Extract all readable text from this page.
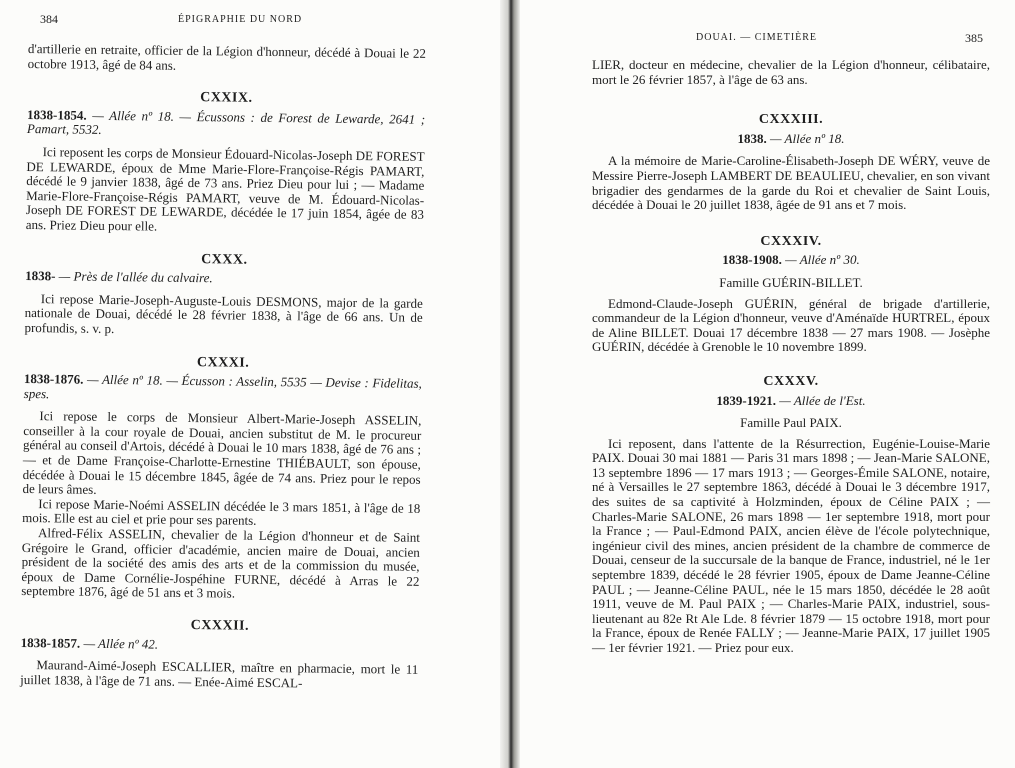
384	ÉPIGRAPHIE DU NORD

d'artillerie en retraite, officier de la Légion d'honneur, décédé à Douai le 22 octobre 1913, âgé de 84 ans.

CXXIX.

1838-1854. — Allée nº 18. — Écussons : de Forest de Lewarde, 2641 ; Pamart, 5532.

Ici reposent les corps de Monsieur Édouard-Nicolas-Joseph DE FOREST DE LEWARDE, époux de Mme Marie-Flore-Françoise-Régis PAMART, décédé le 9 janvier 1838, âgé de 73 ans. Priez Dieu pour lui ; — Madame Marie-Flore-Françoise-Régis PAMART, veuve de M. Édouard-Nicolas-Joseph DE FOREST DE LEWARDE, décédée le 17 juin 1854, âgée de 83 ans. Priez Dieu pour elle.

CXXX.

1838- — Près de l'allée du calvaire.

Ici repose Marie-Joseph-Auguste-Louis DESMONS, major de la garde nationale de Douai, décédé le 28 février 1838, à l'âge de 66 ans. Un de profundis, s. v. p.

CXXXI.

1838-1876. — Allée nº 18. — Écusson : Asselin, 5535 — Devise : Fidelitas, spes.

Ici repose le corps de Monsieur Albert-Marie-Joseph ASSELIN, conseiller à la cour royale de Douai, ancien substitut de M. le procureur général au conseil d'Artois, décédé à Douai le 10 mars 1838, âgé de 76 ans ; — et de Dame Françoise-Charlotte-Ernestine THIÉBAULT, son épouse, décédée à Douai le 15 décembre 1845, âgée de 74 ans. Priez pour le repos de leurs âmes.

Ici repose Marie-Noémi ASSELIN décédée le 3 mars 1851, à l'âge de 18 mois. Elle est au ciel et prie pour ses parents.

Alfred-Félix ASSELIN, chevalier de la Légion d'honneur et de Saint Grégoire le Grand, officier d'académie, ancien maire de Douai, ancien président de la société des amis des arts et de la commission du musée, époux de Dame Cornélie-Jospéhine FURNE, décédé à Arras le 22 septembre 1876, âgé de 51 ans et 3 mois.

CXXXII.

1838-1857. — Allée nº 42.

Maurand-Aimé-Joseph ESCALLIER, maître en pharmacie, mort le 11 juillet 1838, à l'âge de 71 ans. — Enée-Aimé ESCAL-

DOUAI. — CIMETIÈRE	385

LIER, docteur en médecine, chevalier de la Légion d'honneur, célibataire, mort le 26 février 1857, à l'âge de 63 ans.

CXXXIII.

1838. — Allée nº 18.

A la mémoire de Marie-Caroline-Élisabeth-Joseph DE WÉRY, veuve de Messire Pierre-Joseph LAMBERT DE BEAULIEU, chevalier, en son vivant brigadier des gendarmes de la garde du Roi et chevalier de Saint Louis, décédée à Douai le 20 juillet 1838, âgée de 91 ans et 7 mois.

CXXXIV.

1838-1908. — Allée nº 30.

Famille GUÉRIN-BILLET.

Edmond-Claude-Joseph GUÉRIN, général de brigade d'artillerie, commandeur de la Légion d'honneur, veuve d'Aménaïde HURTREL, époux de Aline BILLET. Douai 17 décembre 1838 — 27 mars 1908. — Josèphe GUÉRIN, décédée à Grenoble le 10 novembre 1899.

CXXXV.

1839-1921. — Allée de l'Est.

Famille Paul PAIX.

Ici reposent, dans l'attente de la Résurrection, Eugénie-Louise-Marie PAIX. Douai 30 mai 1881 — Paris 31 mars 1898 ; — Jean-Marie SALONE, 13 septembre 1896 — 17 mars 1913 ; — Georges-Émile SALONE, notaire, né à Versailles le 27 septembre 1863, décédé à Douai le 3 décembre 1917, des suites de sa captivité à Holzminden, époux de Céline PAIX ; — Charles-Marie SALONE, 26 mars 1898 — 1er septembre 1918, mort pour la France ; — Paul-Edmond PAIX, ancien élève de l'école polytechnique, ingénieur civil des mines, ancien président de la chambre de commerce de Douai, censeur de la succursale de la banque de France, industriel, né le 1er septembre 1839, décédé le 28 février 1905, époux de Dame Jeanne-Céline PAUL ; — Jeanne-Céline PAUL, née le 15 mars 1850, décédée le 28 août 1911, veuve de M. Paul PAIX ; — Charles-Marie PAIX, industriel, sous-lieutenant au 82e Rt Ale Lde. 8 février 1879 — 15 octobre 1918, mort pour la France, époux de Renée FALLY ; — Jeanne-Marie PAIX, 17 juillet 1905 — 1er février 1921. — Priez pour eux.
